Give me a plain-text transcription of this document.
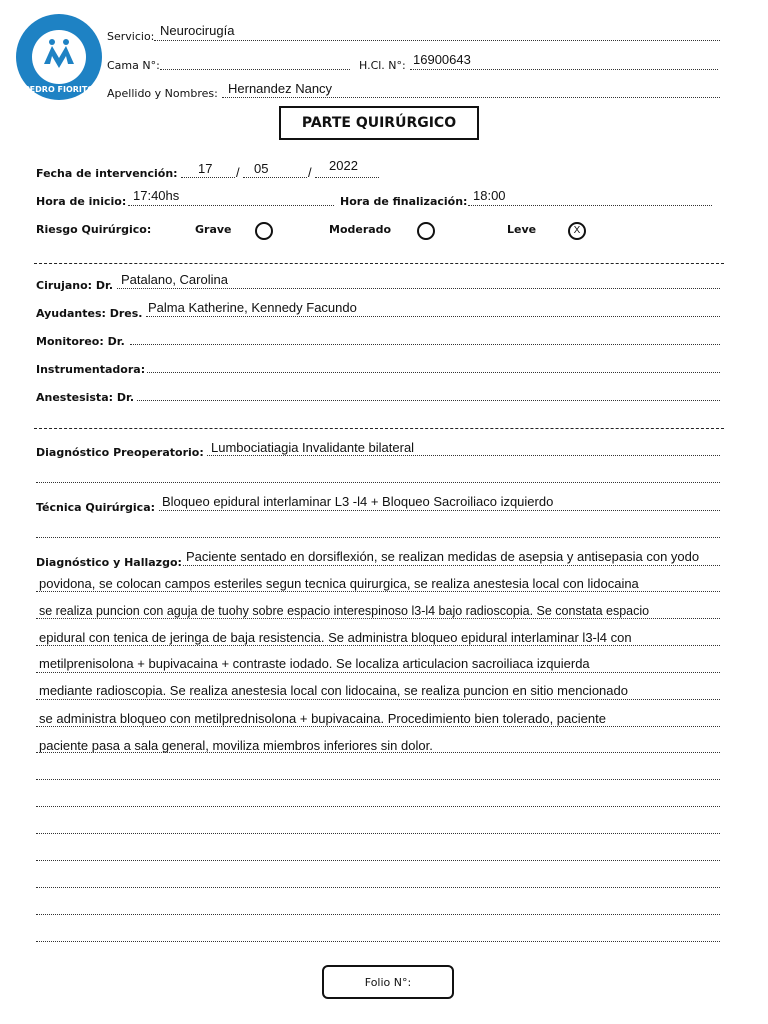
PEDRO FIORITO
Servicio: Neurocirugía
Cama N°:	H.Cl. N°: 16900643
Apellido y Nombres: Hernandez Nancy
PARTE QUIRÚRGICO
Fecha de intervención: 17 / 05	/ 2022
Hora de inicio: 17:40hs	Hora de finalización: 18:00
Riesgo Quirúrgico:	Grave	Moderado	Leve	X
Cirujano: Dr. Patalano, Carolina
Ayudantes: Dres. Palma Katherine, Kennedy Facundo
Monitoreo: Dr.
Instrumentadora:
Anestesista: Dr.
Diagnóstico Preoperatorio: Lumbociatiagia Invalidante bilateral
Técnica Quirúrgica: Bloqueo epidural interlaminar L3 -l4 + Bloqueo Sacroiliaco izquierdo
Diagnóstico y Hallazgo: Paciente sentado en dorsiflexión, se realizan medidas de asepsia y antisepasia con yodo
povidona, se colocan campos esteriles segun tecnica quirurgica, se realiza anestesia local con lidocaina
se realiza puncion con aguja de tuohy sobre espacio interespinoso l3-l4 bajo radioscopia. Se constata espacio
epidural con tenica de jeringa de baja resistencia. Se administra bloqueo epidural interlaminar l3-l4 con
metilprenisolona + bupivacaina + contraste iodado. Se localiza articulacion sacroiliaca izquierda
mediante radioscopia. Se realiza anestesia local con lidocaina, se realiza puncion en sitio mencionado
se administra bloqueo con metilprednisolona + bupivacaina. Procedimiento bien tolerado, paciente
paciente pasa a sala general, moviliza miembros inferiores sin dolor.
Folio N°:
